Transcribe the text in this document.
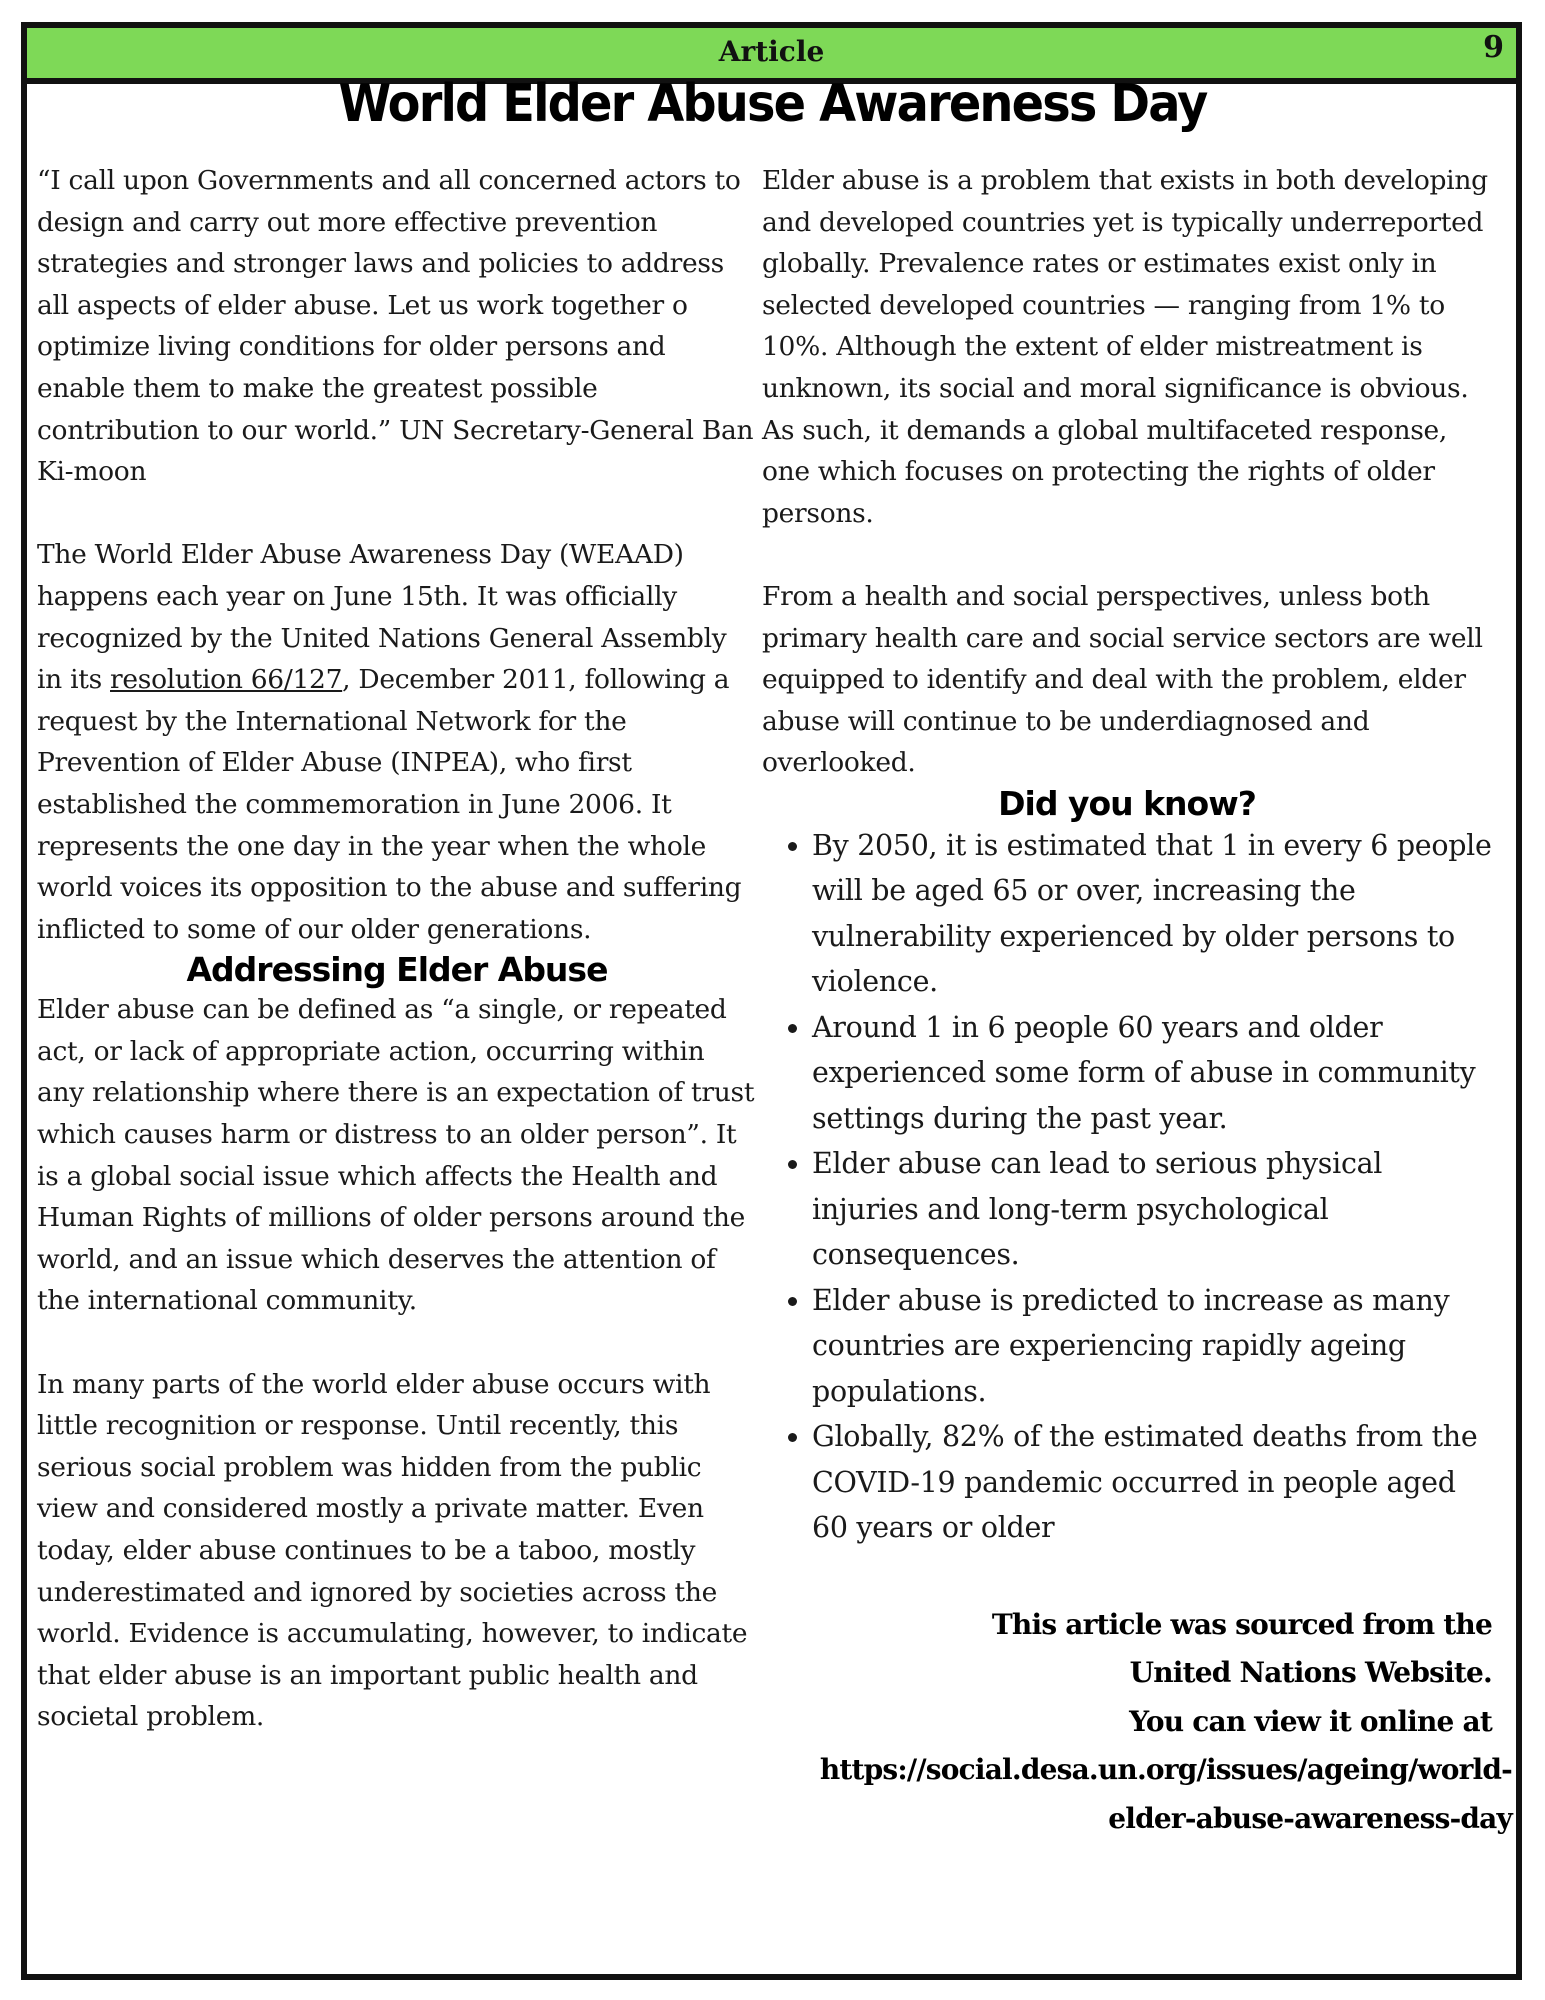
Article	9
World Elder Abuse Awareness Day

“I call upon Governments and all concerned actors to design and carry out more effective prevention strategies and stronger laws and policies to address all aspects of elder abuse. Let us work together o optimize living conditions for older persons and enable them to make the greatest possible contribution to our world.” UN Secretary-General Ban Ki-moon

The World Elder Abuse Awareness Day (WEAAD) happens each year on June 15th. It was officially recognized by the United Nations General Assembly in its resolution 66/127, December 2011, following a request by the International Network for the Prevention of Elder Abuse (INPEA), who first established the commemoration in June 2006. It represents the one day in the year when the whole world voices its opposition to the abuse and suffering inflicted to some of our older generations.

Addressing Elder Abuse

Elder abuse can be defined as “a single, or repeated act, or lack of appropriate action, occurring within any relationship where there is an expectation of trust which causes harm or distress to an older person”. It is a global social issue which affects the Health and Human Rights of millions of older persons around the world, and an issue which deserves the attention of the international community.

In many parts of the world elder abuse occurs with little recognition or response. Until recently, this serious social problem was hidden from the public view and considered mostly a private matter. Even today, elder abuse continues to be a taboo, mostly underestimated and ignored by societies across the world. Evidence is accumulating, however, to indicate that elder abuse is an important public health and societal problem.

Elder abuse is a problem that exists in both developing and developed countries yet is typically underreported globally. Prevalence rates or estimates exist only in selected developed countries — ranging from 1% to 10%. Although the extent of elder mistreatment is unknown, its social and moral significance is obvious. As such, it demands a global multifaceted response, one which focuses on protecting the rights of older persons.

From a health and social perspectives, unless both primary health care and social service sectors are well equipped to identify and deal with the problem, elder abuse will continue to be underdiagnosed and overlooked.

Did you know?
• By 2050, it is estimated that 1 in every 6 people will be aged 65 or over, increasing the vulnerability experienced by older persons to violence.
• Around 1 in 6 people 60 years and older experienced some form of abuse in community settings during the past year.
• Elder abuse can lead to serious physical injuries and long-term psychological consequences.
• Elder abuse is predicted to increase as many countries are experiencing rapidly ageing populations.
• Globally, 82% of the estimated deaths from the COVID-19 pandemic occurred in people aged 60 years or older
This article was sourced from the
United Nations Website.
You can view it online at
https://social.desa.un.org/issues/ageing/world-elder-abuse-awareness-day
